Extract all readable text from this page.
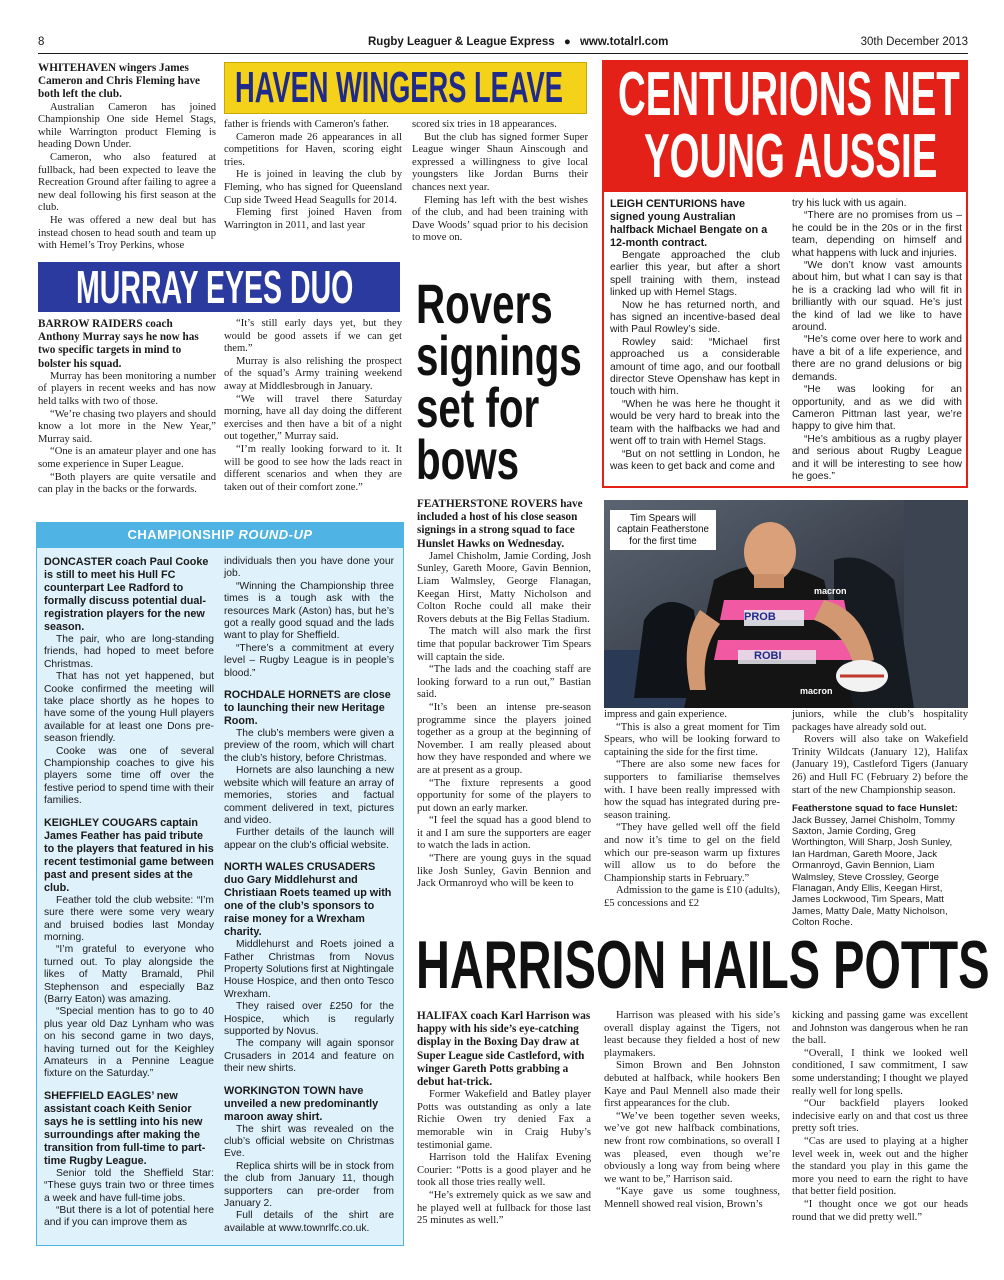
8	Rugby Leaguer & League Express ● www.totalrl.com	30th December 2013

WHITEHAVEN wingers James Cameron and Chris Fleming have both left the club.

Australian Cameron has joined Championship One side Hemel Stags, while Warrington product Fleming is heading Down Under.

Cameron, who also featured at fullback, had been expected to leave the Recreation Ground after failing to agree a new deal following his first season at the club.

He was offered a new deal but has instead chosen to head south and team up with Hemel’s Troy Perkins, whose

HAVEN WINGERS LEAVE

father is friends with Cameron's father.

Cameron made 26 appearances in all competitions for Haven, scoring eight tries.

He is joined in leaving the club by Fleming, who has signed for Queensland Cup side Tweed Head Seagulls for 2014.

Fleming first joined Haven from Warrington in 2011, and last year

scored six tries in 18 appearances.

But the club has signed former Super League winger Shaun Ainscough and expressed a willingness to give local youngsters like Jordan Burns their chances next year.

Fleming has left with the best wishes of the club, and had been training with Dave Woods’ squad prior to his decision to move on.

CENTURIONS NET
YOUNG AUSSIE

LEIGH CENTURIONS have signed young Australian halfback Michael Bengate on a 12-month contract.

Bengate approached the club earlier this year, but after a short spell training with them, instead linked up with Hemel Stags.

Now he has returned north, and has signed an incentive-based deal with Paul Rowley’s side.

Rowley said: “Michael first approached us a considerable amount of time ago, and our football director Steve Openshaw has kept in touch with him.

“When he was here he thought it would be very hard to break into the team with the halfbacks we had and went off to train with Hemel Stags.

“But on not settling in London, he was keen to get back and come and

try his luck with us again.

“There are no promises from us – he could be in the 20s or in the first team, depending on himself and what happens with luck and injuries.

“We don’t know vast amounts about him, but what I can say is that he is a cracking lad who will fit in brilliantly with our squad. He’s just the kind of lad we like to have around.

“He’s come over here to work and have a bit of a life experience, and there are no grand delusions or big demands.

“He was looking for an opportunity, and as we did with Cameron Pittman last year, we’re happy to give him that.

“He’s ambitious as a rugby player and serious about Rugby League and it will be interesting to see how he goes.”

MURRAY EYES DUO

BARROW RAIDERS coach Anthony Murray says he now has two specific targets in mind to bolster his squad.

Murray has been monitoring a number of players in recent weeks and has now held talks with two of those.

“We’re chasing two players and should know a lot more in the New Year,” Murray said.

“One is an amateur player and one has some experience in Super League.

“Both players are quite versatile and can play in the backs or the forwards.

“It’s still early days yet, but they would be good assets if we can get them.”

Murray is also relishing the prospect of the squad’s Army training weekend away at Middlesbrough in January.

“We will travel there Saturday morning, have all day doing the different exercises and then have a bit of a night out together,” Murray said.

“I’m really looking forward to it. It will be good to see how the lads react in different scenarios and when they are taken out of their comfort zone.”

Rovers
signings
set for
bows

FEATHERSTONE ROVERS have included a host of his close season signings in a strong squad to face Hunslet Hawks on Wednesday.

Jamel Chisholm, Jamie Cording, Josh Sunley, Gareth Moore, Gavin Bennion, Liam Walmsley, George Flanagan, Keegan Hirst, Matty Nicholson and Colton Roche could all make their Rovers debuts at the Big Fellas Stadium.

The match will also mark the first time that popular backrower Tim Spears will captain the side.

“The lads and the coaching staff are looking forward to a run out,” Bastian said.

“It’s been an intense pre-season programme since the players joined together as a group at the beginning of November. I am really pleased about how they have responded and where we are at present as a group.

“The fixture represents a good opportunity for some of the players to put down an early marker.

“I feel the squad has a good blend to it and I am sure the supporters are eager to watch the lads in action.

“There are young guys in the squad like Josh Sunley, Gavin Bennion and Jack Ormanroyd who will be keen to

macron
PROB
ROBI
macron
Tim Spears will captain Featherstone for the first time

impress and gain experience.

“This is also a great moment for Tim Spears, who will be looking forward to captaining the side for the first time.

“There are also some new faces for supporters to familiarise themselves with. I have been really impressed with how the squad has integrated during pre-season training.

“They have gelled well off the field and now it’s time to gel on the field which our pre-season warm up fixtures will allow us to do before the Championship starts in February.”

Admission to the game is £10 (adults), £5 concessions and £2

juniors, while the club’s hospitality packages have already sold out.

Rovers will also take on Wakefield Trinity Wildcats (January 12), Halifax (January 19), Castleford Tigers (January 26) and Hull FC (February 2) before the start of the new Championship season.

Featherstone squad to face Hunslet:

Jack Bussey, Jamel Chisholm, Tommy Saxton, Jamie Cording, Greg Worthington, Will Sharp, Josh Sunley, Ian Hardman, Gareth Moore, Jack Ormanroyd, Gavin Bennion, Liam Walmsley, Steve Crossley, George Flanagan, Andy Ellis, Keegan Hirst, James Lockwood, Tim Spears, Matt James, Matty Dale, Matty Nicholson, Colton Roche.

CHAMPIONSHIP ROUND-UP

DONCASTER coach Paul Cooke is still to meet his Hull FC counterpart Lee Radford to formally discuss potential dual-registration players for the new season.

The pair, who are long-standing friends, had hoped to meet before Christmas.

That has not yet happened, but Cooke confirmed the meeting will take place shortly as he hopes to have some of the young Hull players available for at least one Dons pre-season friendly.

Cooke was one of several Championship coaches to give his players some time off over the festive period to spend time with their families.

KEIGHLEY COUGARS captain James Feather has paid tribute to the players that featured in his recent testimonial game between past and present sides at the club.

Feather told the club website: “I’m sure there were some very weary and bruised bodies last Monday morning.

“I’m grateful to everyone who turned out. To play alongside the likes of Matty Bramald, Phil Stephenson and especially Baz (Barry Eaton) was amazing.

“Special mention has to go to 40 plus year old Daz Lynham who was on his second game in two days, having turned out for the Keighley Amateurs in a Pennine League fixture on the Saturday.”

SHEFFIELD EAGLES’ new assistant coach Keith Senior says he is settling into his new surroundings after making the transition from full-time to part-time Rugby League.

Senior told the Sheffield Star: “These guys train two or three times a week and have full-time jobs.

“But there is a lot of potential here and if you can improve them as

individuals then you have done your job.

“Winning the Championship three times is a tough ask with the resources Mark (Aston) has, but he’s got a really good squad and the lads want to play for Sheffield.

“There’s a commitment at every level – Rugby League is in people’s blood.”

ROCHDALE HORNETS are close to launching their new Heritage Room.

The club’s members were given a preview of the room, which will chart the club’s history, before Christmas.

Hornets are also launching a new website which will feature an array of memories, stories and factual comment delivered in text, pictures and video.

Further details of the launch will appear on the club’s official website.

NORTH WALES CRUSADERS duo Gary Middlehurst and Christiaan Roets teamed up with one of the club’s sponsors to raise money for a Wrexham charity.

Middlehurst and Roets joined a Father Christmas from Novus Property Solutions first at Nightingale House Hospice, and then onto Tesco Wrexham.

They raised over £250 for the Hospice, which is regularly supported by Novus.

The company will again sponsor Crusaders in 2014 and feature on their new shirts.

WORKINGTON TOWN have unveiled a new predominantly maroon away shirt.

The shirt was revealed on the club’s official website on Christmas Eve.

Replica shirts will be in stock from the club from January 11, though supporters can pre-order from January 2.

Full details of the shirt are available at www.townrlfc.co.uk.

HARRISON HAILS POTTS

HALIFAX coach Karl Harrison was happy with his side’s eye-catching display in the Boxing Day draw at Super League side Castleford, with winger Gareth Potts grabbing a debut hat-trick.

Former Wakefield and Batley player Potts was outstanding as only a late Richie Owen try denied Fax a memorable win in Craig Huby’s testimonial game.

Harrison told the Halifax Evening Courier: “Potts is a good player and he took all those tries really well.

“He’s extremely quick as we saw and he played well at fullback for those last 25 minutes as well.”

Harrison was pleased with his side’s overall display against the Tigers, not least because they fielded a host of new playmakers.

Simon Brown and Ben Johnston debuted at halfback, while hookers Ben Kaye and Paul Mennell also made their first appearances for the club.

“We’ve been together seven weeks, we’ve got new halfback combinations, new front row combinations, so overall I was pleased, even though we’re obviously a long way from being where we want to be,” Harrison said.

“Kaye gave us some toughness, Mennell showed real vision, Brown’s

kicking and passing game was excellent and Johnston was dangerous when he ran the ball.

“Overall, I think we looked well conditioned, I saw commitment, I saw some understanding; I thought we played really well for long spells.

“Our backfield players looked indecisive early on and that cost us three pretty soft tries.

“Cas are used to playing at a higher level week in, week out and the higher the standard you play in this game the more you need to earn the right to have that better field position.

“I thought once we got our heads round that we did pretty well.”
